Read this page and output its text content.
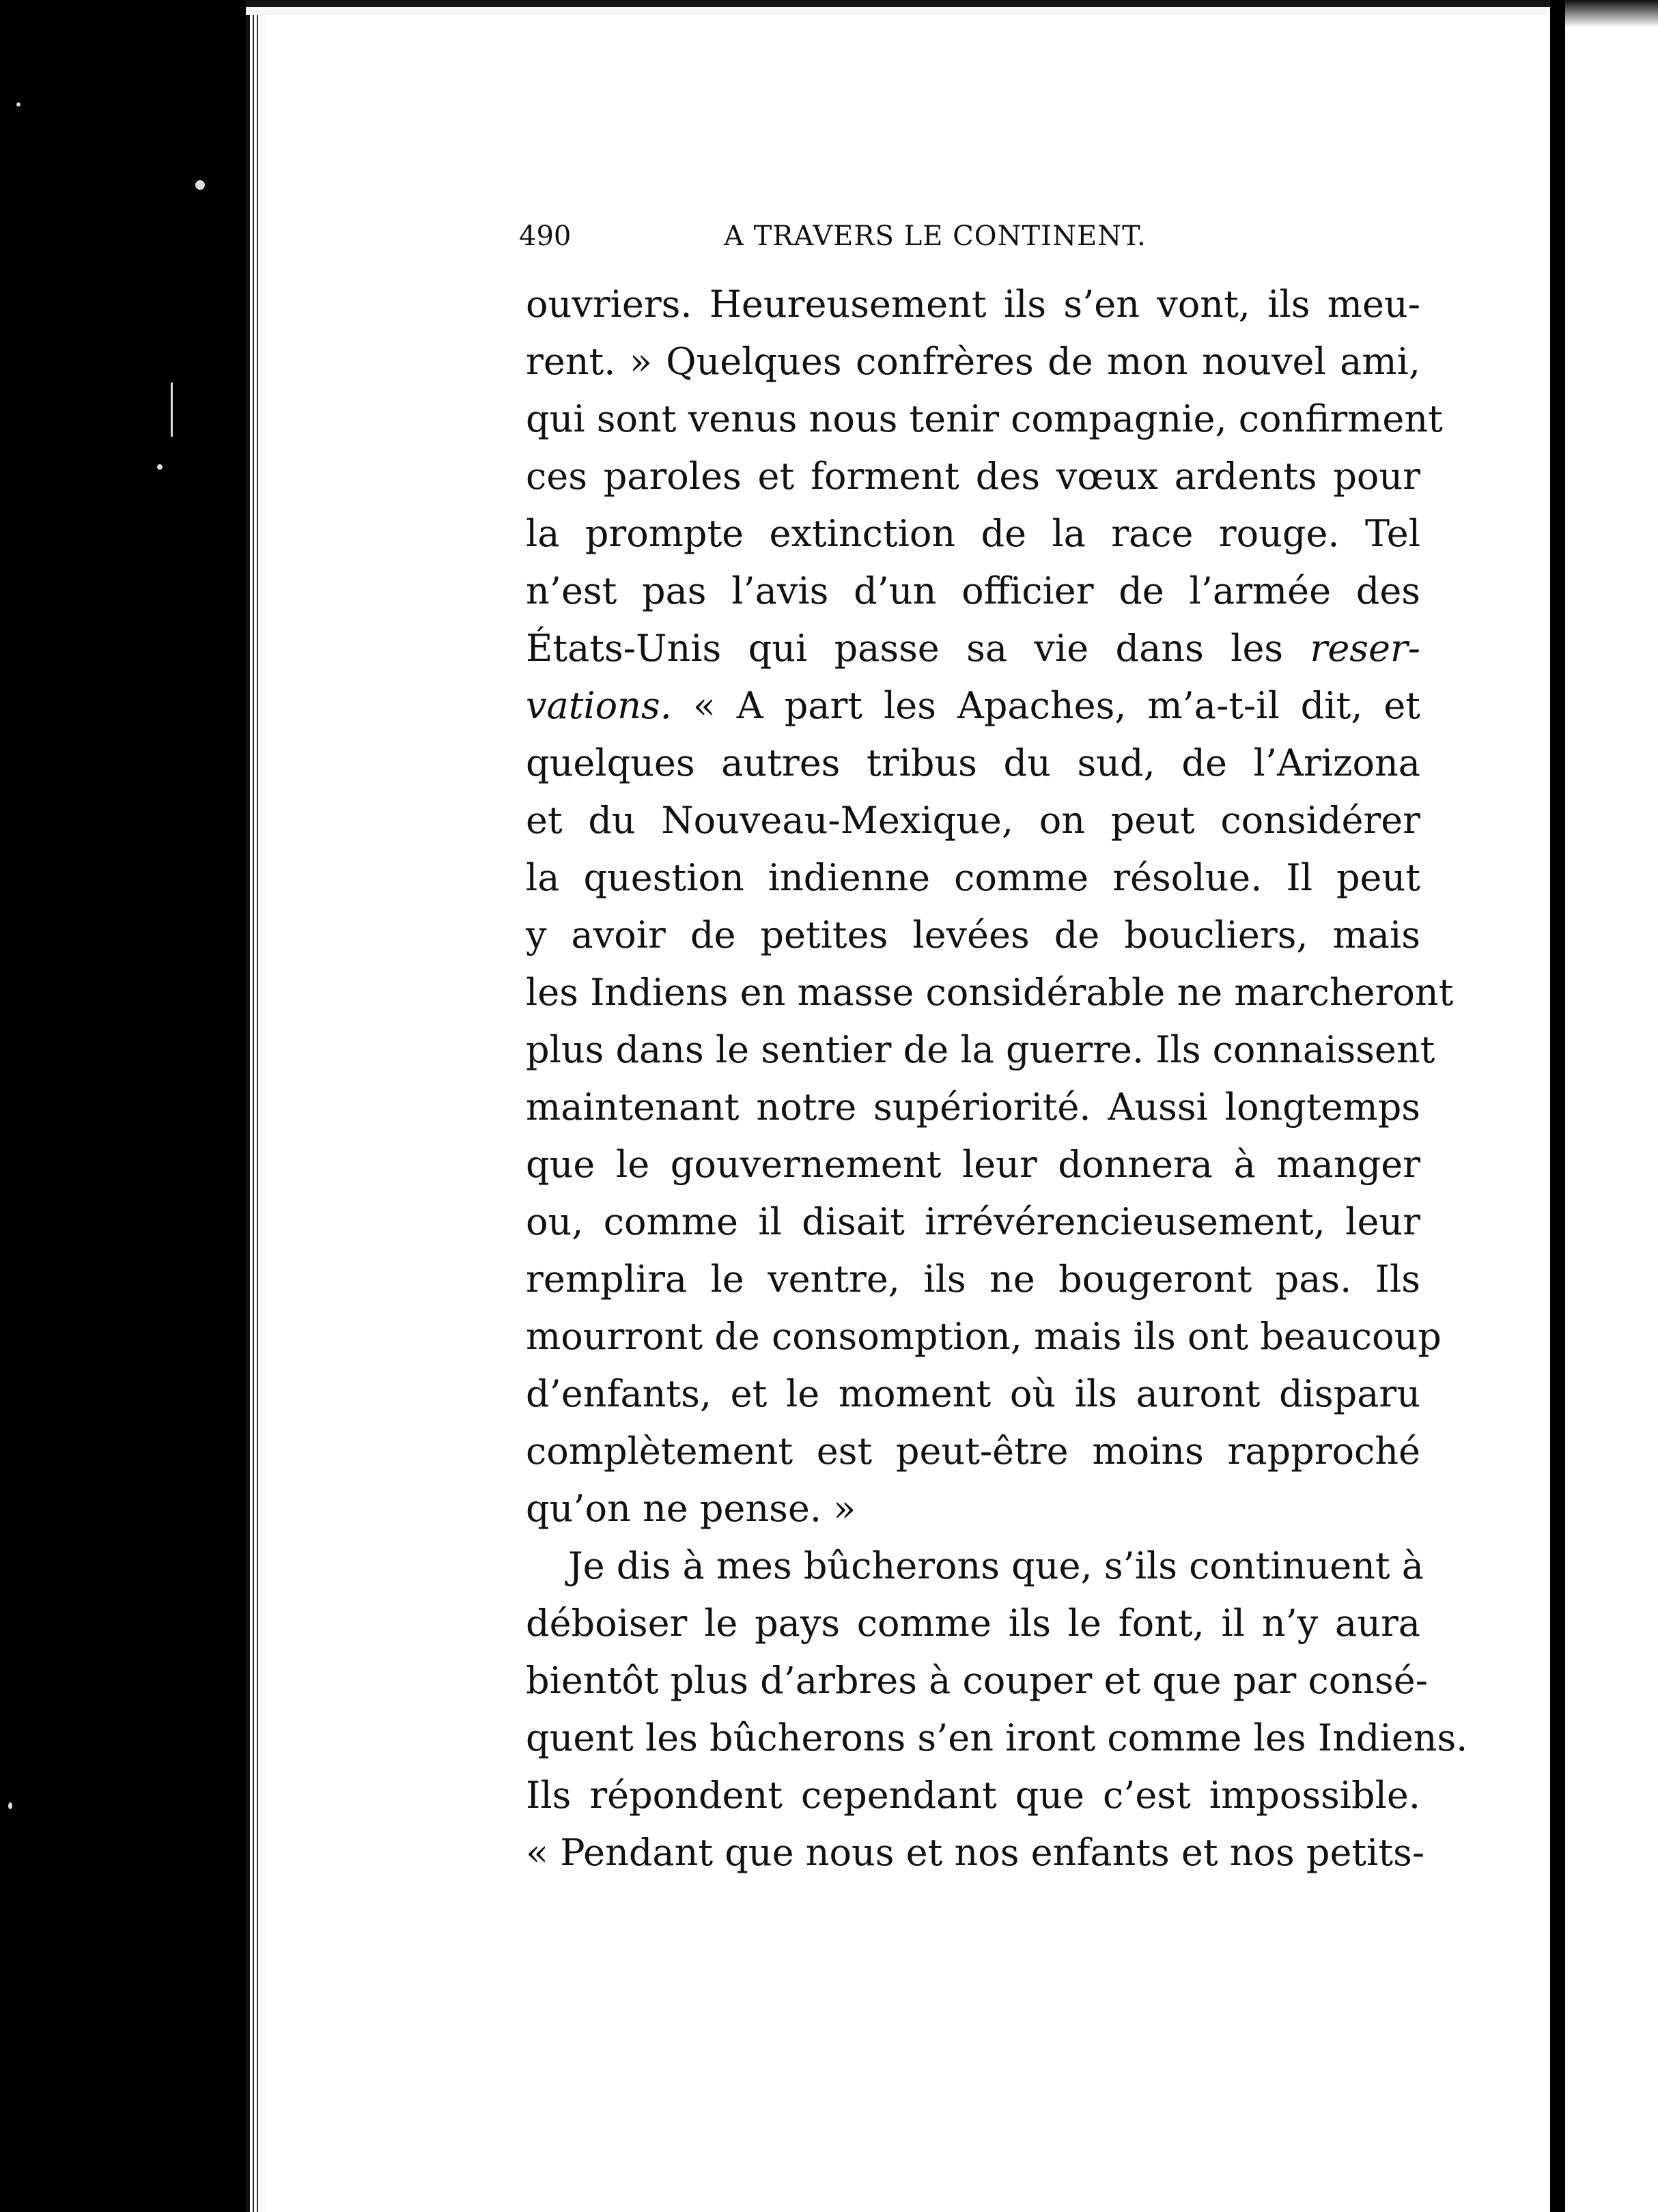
490	A TRAVERS LE CONTINENT.
ouvriers. Heureusement ils s’en vont, ils meu-
rent. » Quelques confrères de mon nouvel ami,
qui sont venus nous tenir compagnie, confirment
ces paroles et forment des vœux ardents pour
la prompte extinction de la race rouge. Tel
n’est pas l’avis d’un officier de l’armée des
États-Unis qui passe sa vie dans les reser-
vations. « A part les Apaches, m’a-t-il dit, et
quelques autres tribus du sud, de l’Arizona
et du Nouveau-Mexique, on peut considérer
la question indienne comme résolue. Il peut
y avoir de petites levées de boucliers, mais
les Indiens en masse considérable ne marcheront
plus dans le sentier de la guerre. Ils connaissent
maintenant notre supériorité. Aussi longtemps
que le gouvernement leur donnera à manger
ou, comme il disait irrévérencieusement, leur
remplira le ventre, ils ne bougeront pas. Ils
mourront de consomption, mais ils ont beaucoup
d’enfants, et le moment où ils auront disparu
complètement est peut-être moins rapproché
qu’on ne pense. »
Je dis à mes bûcherons que, s’ils continuent à
déboiser le pays comme ils le font, il n’y aura
bientôt plus d’arbres à couper et que par consé-
quent les bûcherons s’en iront comme les Indiens.
Ils répondent cependant que c’est impossible.
« Pendant que nous et nos enfants et nos petits-
